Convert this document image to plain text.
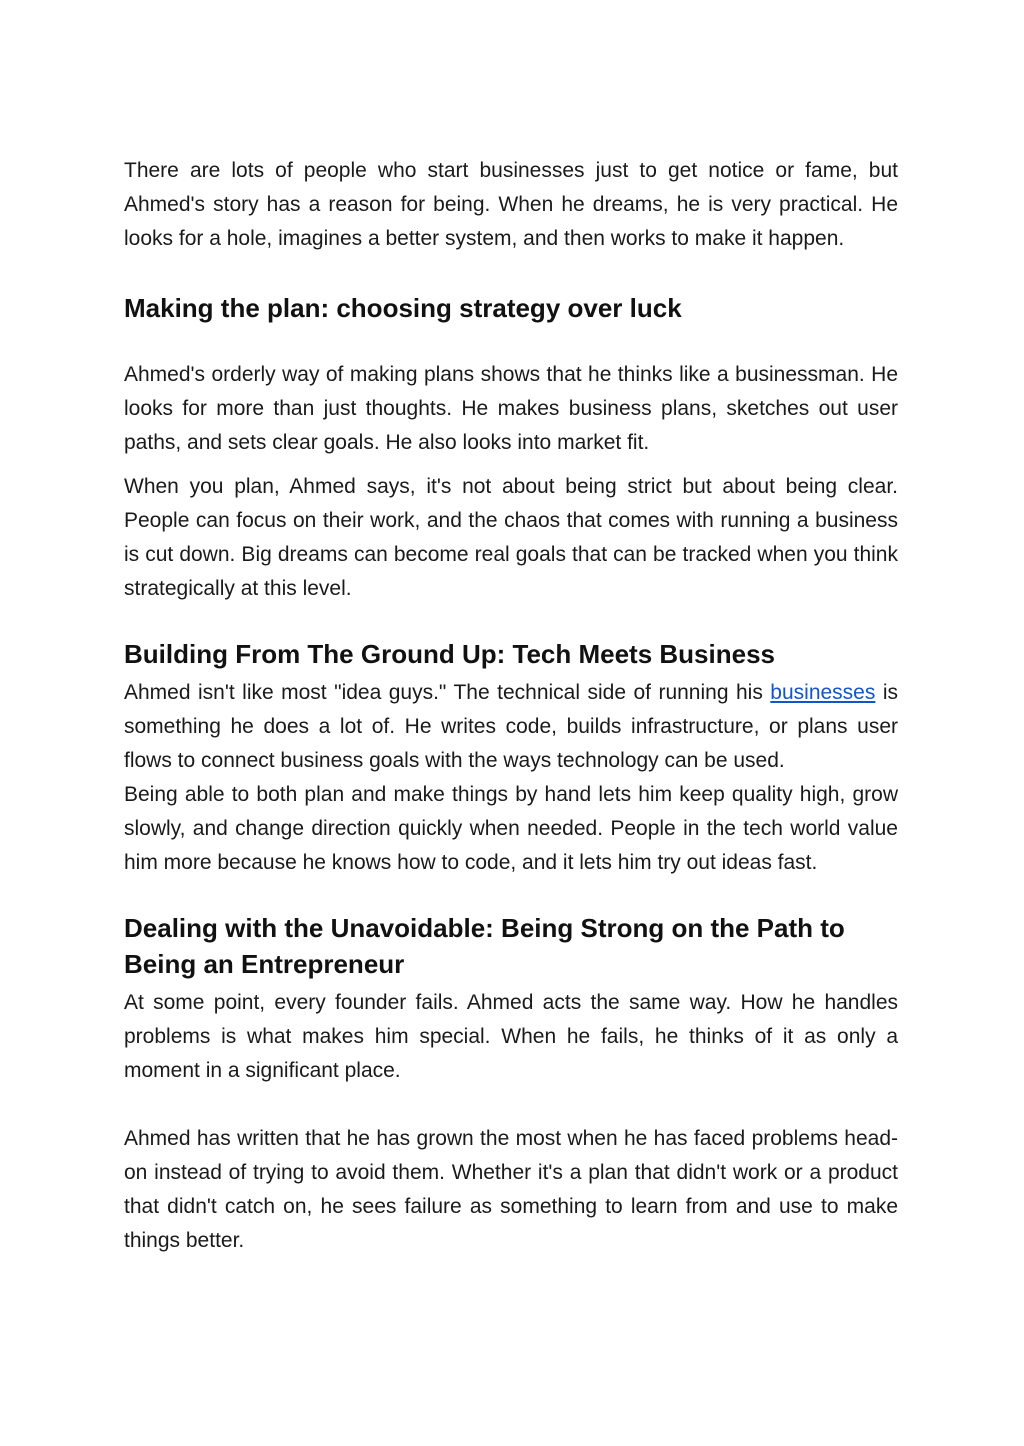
There are lots of people who start businesses just to get notice or fame, but Ahmed's story has a reason for being. When he dreams, he is very practical. He looks for a hole, imagines a better system, and then works to make it happen.

Making the plan: choosing strategy over luck

Ahmed's orderly way of making plans shows that he thinks like a businessman. He looks for more than just thoughts. He makes business plans, sketches out user paths, and sets clear goals. He also looks into market fit.

When you plan, Ahmed says, it's not about being strict but about being clear. People can focus on their work, and the chaos that comes with running a business is cut down. Big dreams can become real goals that can be tracked when you think strategically at this level.

Building From The Ground Up: Tech Meets Business

Ahmed isn't like most "idea guys." The technical side of running his businesses is something he does a lot of. He writes code, builds infrastructure, or plans user flows to connect business goals with the ways technology can be used.

Being able to both plan and make things by hand lets him keep quality high, grow slowly, and change direction quickly when needed. People in the tech world value him more because he knows how to code, and it lets him try out ideas fast.

Dealing with the Unavoidable: Being Strong on the Path to Being an Entrepreneur

At some point, every founder fails. Ahmed acts the same way. How he handles problems is what makes him special. When he fails, he thinks of it as only a moment in a significant place.

Ahmed has written that he has grown the most when he has faced problems head-on instead of trying to avoid them. Whether it's a plan that didn't work or a product that didn't catch on, he sees failure as something to learn from and use to make things better.
